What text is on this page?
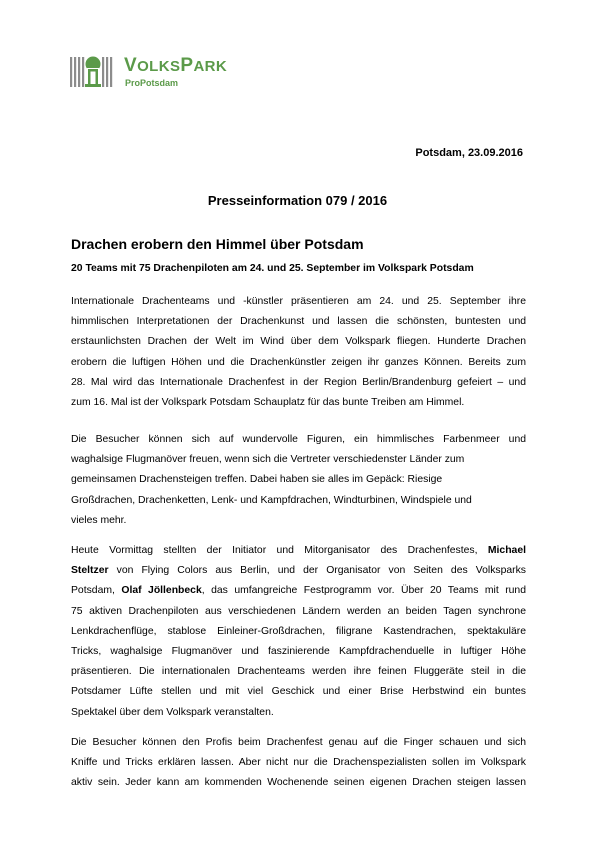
VOLKSPARK
ProPotsdam
Potsdam, 23.09.2016
Presseinformation 079 / 2016
Drachen erobern den Himmel über Potsdam
20 Teams mit 75 Drachenpiloten am 24. und 25. September im Volkspark Potsdam
Internationale Drachenteams und -künstler präsentieren am 24. und 25. September ihre
himmlischen Interpretationen der Drachenkunst und lassen die schönsten, buntesten und
erstaunlichsten Drachen der Welt im Wind über dem Volkspark fliegen. Hunderte Drachen
erobern die luftigen Höhen und die Drachenkünstler zeigen ihr ganzes Können. Bereits zum
28. Mal wird das Internationale Drachenfest in der Region Berlin/Brandenburg gefeiert – und
zum 16. Mal ist der Volkspark Potsdam Schauplatz für das bunte Treiben am Himmel.
Die Besucher können sich auf wundervolle Figuren, ein himmlisches Farbenmeer und
waghalsige Flugmanöver freuen, wenn sich die Vertreter verschiedenster Länder zum
gemeinsamen Drachensteigen treffen. Dabei haben sie alles im Gepäck: Riesige
Großdrachen, Drachenketten, Lenk- und Kampfdrachen, Windturbinen, Windspiele und
vieles mehr.
Heute Vormittag stellten der Initiator und Mitorganisator des Drachenfestes, Michael
Steltzer von Flying Colors aus Berlin, und der Organisator von Seiten des Volksparks
Potsdam, Olaf Jöllenbeck, das umfangreiche Festprogramm vor. Über 20 Teams mit rund
75 aktiven Drachenpiloten aus verschiedenen Ländern werden an beiden Tagen synchrone
Lenkdrachenflüge, stablose Einleiner-Großdrachen, filigrane Kastendrachen, spektakuläre
Tricks, waghalsige Flugmanöver und faszinierende Kampfdrachenduelle in luftiger Höhe
präsentieren. Die internationalen Drachenteams werden ihre feinen Fluggeräte steil in die
Potsdamer Lüfte stellen und mit viel Geschick und einer Brise Herbstwind ein buntes
Spektakel über dem Volkspark veranstalten.
Die Besucher können den Profis beim Drachenfest genau auf die Finger schauen und sich
Kniffe und Tricks erklären lassen. Aber nicht nur die Drachenspezialisten sollen im Volkspark
aktiv sein. Jeder kann am kommenden Wochenende seinen eigenen Drachen steigen lassen
